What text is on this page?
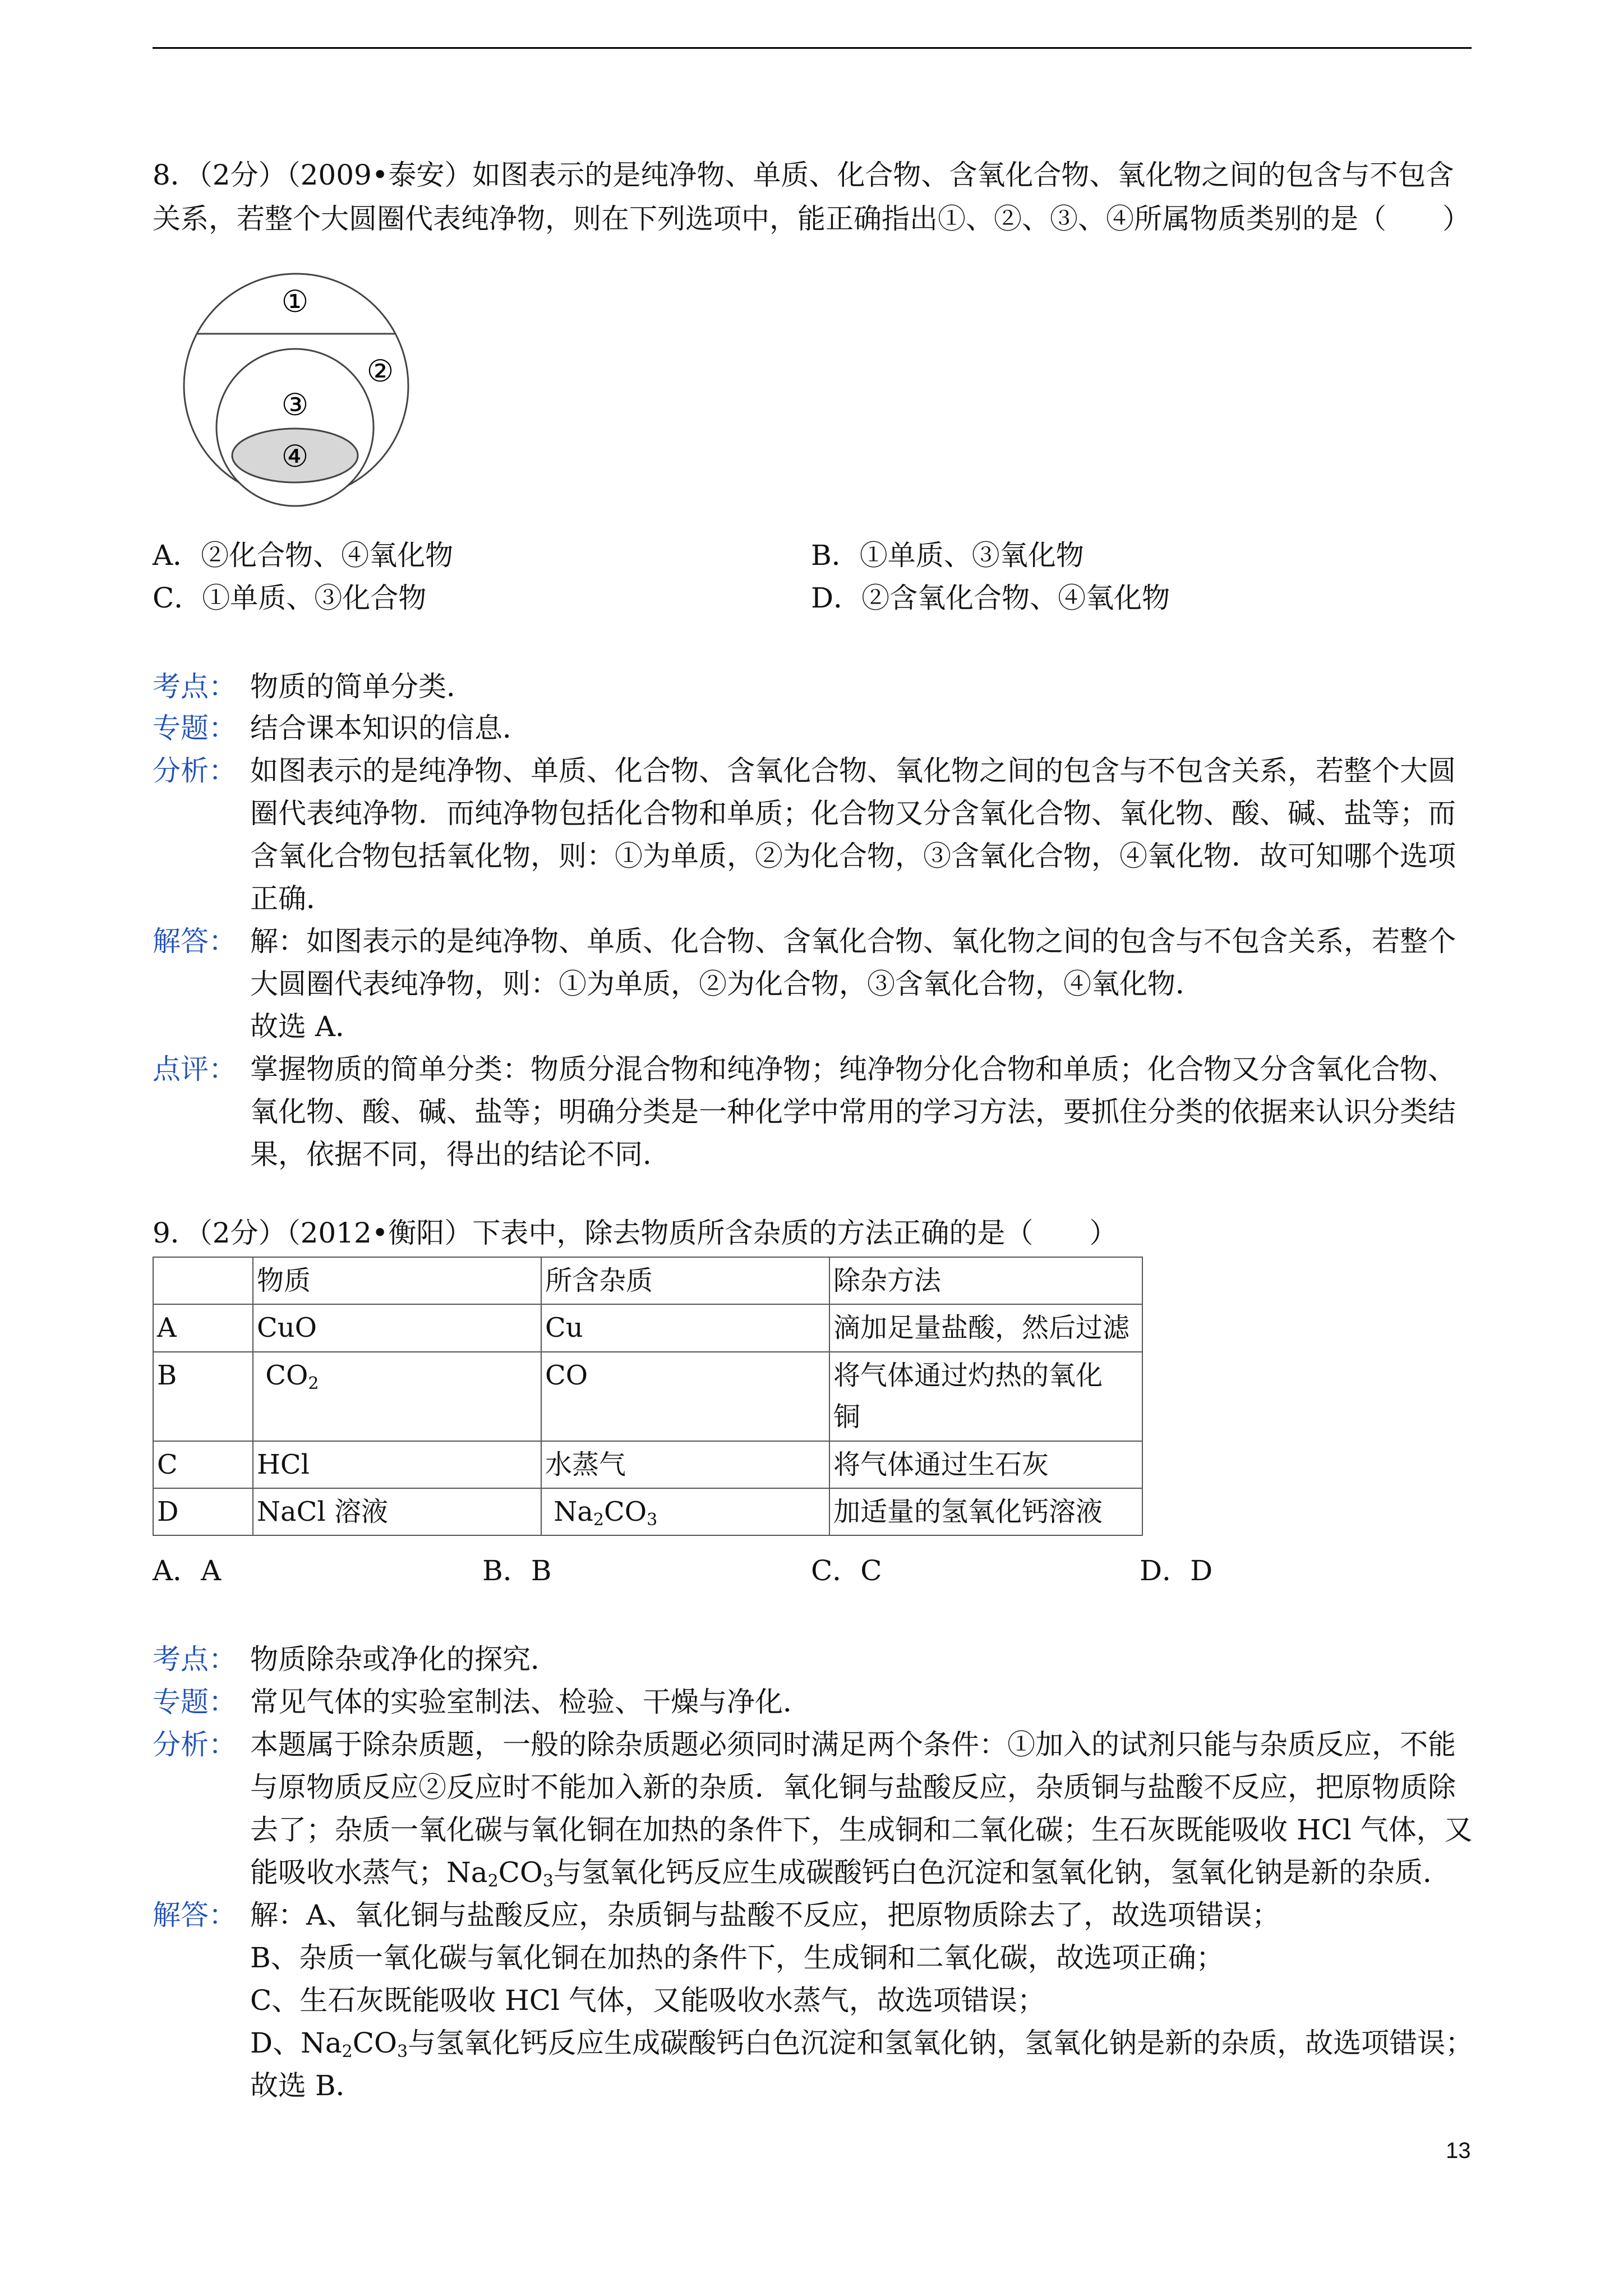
8．（2分）（2009•泰安）如图表示的是纯净物、单质、化合物、含氧化合物、氧化物之间的包含与不包含
关系，若整个大圆圈代表纯净物，则在下列选项中，能正确指出①、②、③、④所属物质类别的是（　　）
①
②
③
④
A．②化合物、④氧化物	B．①单质、③氧化物
C．①单质、③化合物	D．②含氧化合物、④氧化物
考点： 物质的简单分类．
专题： 结合课本知识的信息．
分析： 如图表示的是纯净物、单质、化合物、含氧化合物、氧化物之间的包含与不包含关系，若整个大圆
圈代表纯净物．而纯净物包括化合物和单质；化合物又分含氧化合物、氧化物、酸、碱、盐等；而
含氧化合物包括氧化物，则：①为单质，②为化合物，③含氧化合物，④氧化物．故可知哪个选项
正确．
解答： 解：如图表示的是纯净物、单质、化合物、含氧化合物、氧化物之间的包含与不包含关系，若整个
大圆圈代表纯净物，则：①为单质，②为化合物，③含氧化合物，④氧化物．
故选 A．
点评： 掌握物质的简单分类：物质分混合物和纯净物；纯净物分化合物和单质；化合物又分含氧化合物、
氧化物、酸、碱、盐等；明确分类是一种化学中常用的学习方法，要抓住分类的依据来认识分类结
果，依据不同，得出的结论不同．
9．（2分）（2012•衡阳）下表中，除去物质所含杂质的方法正确的是（　　）
	物质	所含杂质	除杂方法
A	CuO	Cu	滴加足量盐酸，然后过滤
B	$CO_2$	CO	将气体通过灼热的氧化
铜

C	HCl	水蒸气	将气体通过生石灰
D	NaCl 溶液	$Na_2CO_3$	加适量的氢氧化钙溶液
A．A	B．B	C．C	D．D
考点： 物质除杂或净化的探究．
专题： 常见气体的实验室制法、检验、干燥与净化．
分析： 本题属于除杂质题，一般的除杂质题必须同时满足两个条件：①加入的试剂只能与杂质反应，不能
与原物质反应②反应时不能加入新的杂质．氧化铜与盐酸反应，杂质铜与盐酸不反应，把原物质除
去了；杂质一氧化碳与氧化铜在加热的条件下，生成铜和二氧化碳；生石灰既能吸收 HCl 气体，又
能吸收水蒸气；$Na_2CO_3$与氢氧化钙反应生成碳酸钙白色沉淀和氢氧化钠，氢氧化钠是新的杂质．
解答： 解：A、氧化铜与盐酸反应，杂质铜与盐酸不反应，把原物质除去了，故选项错误；
B、杂质一氧化碳与氧化铜在加热的条件下，生成铜和二氧化碳，故选项正确；
C、生石灰既能吸收 HCl 气体，又能吸收水蒸气，故选项错误；
D、$Na_2CO_3$与氢氧化钙反应生成碳酸钙白色沉淀和氢氧化钠，氢氧化钠是新的杂质，故选项错误；
故选 B．
13
